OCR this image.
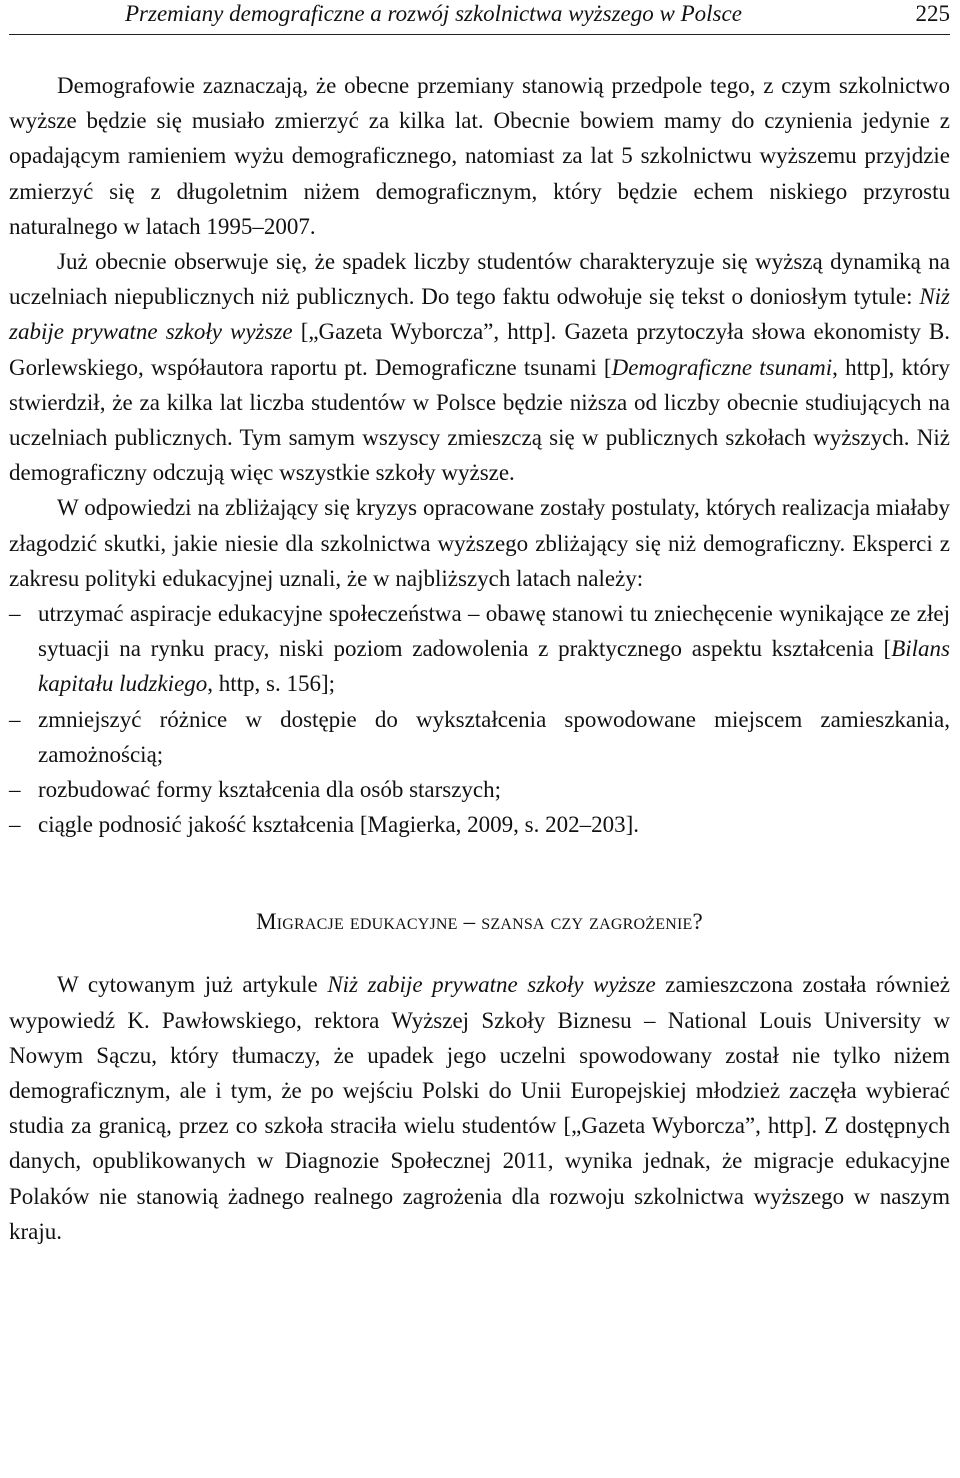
Przemiany demograficzne a rozwój szkolnictwa wyższego w Polsce	225

Demografowie zaznaczają, że obecne przemiany stanowią przedpole tego, z czym szkolnictwo wyższe będzie się musiało zmierzyć za kilka lat. Obecnie bowiem mamy do czynienia jedynie z opadającym ramieniem wyżu demograficznego, natomiast za lat 5 szkolnictwu wyższemu przyjdzie zmierzyć się z długoletnim niżem demograficznym, który będzie echem niskiego przyrostu naturalnego w latach 1995–2007.

Już obecnie obserwuje się, że spadek liczby studentów charakteryzuje się wyższą dynamiką na uczelniach niepublicznych niż publicznych. Do tego faktu odwołuje się tekst o doniosłym tytule: Niż zabije prywatne szkoły wyższe [„Gazeta Wyborcza”, http]. Gazeta przytoczyła słowa ekonomisty B. Gorlewskiego, współautora raportu pt. Demograficzne tsunami [Demograficzne tsunami, http], który stwierdził, że za kilka lat liczba studentów w Polsce będzie niższa od liczby obecnie studiujących na uczelniach publicznych. Tym samym wszyscy zmieszczą się w publicznych szkołach wyższych. Niż demograficzny odczują więc wszystkie szkoły wyższe.

W odpowiedzi na zbliżający się kryzys opracowane zostały postulaty, których realizacja miałaby złagodzić skutki, jakie niesie dla szkolnictwa wyższego zbliżający się niż demograficzny. Eksperci z zakresu polityki edukacyjnej uznali, że w najbliższych latach należy:

– utrzymać aspiracje edukacyjne społeczeństwa – obawę stanowi tu zniechęcenie wynikające ze złej sytuacji na rynku pracy, niski poziom zadowolenia z praktycznego aspektu kształcenia [Bilans kapitału ludzkiego, http, s. 156];
– zmniejszyć różnice w dostępie do wykształcenia spowodowane miejscem zamieszkania, zamożnością;
– rozbudować formy kształcenia dla osób starszych;
– ciągle podnosić jakość kształcenia [Magierka, 2009, s. 202–203].
Migracje edukacyjne – szansa czy zagrożenie?

W cytowanym już artykule Niż zabije prywatne szkoły wyższe zamieszczona została również wypowiedź K. Pawłowskiego, rektora Wyższej Szkoły Biznesu – National Louis University w Nowym Sączu, który tłumaczy, że upadek jego uczelni spowodowany został nie tylko niżem demograficznym, ale i tym, że po wejściu Polski do Unii Europejskiej młodzież zaczęła wybierać studia za granicą, przez co szkoła straciła wielu studentów [„Gazeta Wyborcza”, http]. Z dostępnych danych, opublikowanych w Diagnozie Społecznej 2011, wynika jednak, że migracje edukacyjne Polaków nie stanowią żadnego realnego zagrożenia dla rozwoju szkolnictwa wyższego w naszym kraju.
